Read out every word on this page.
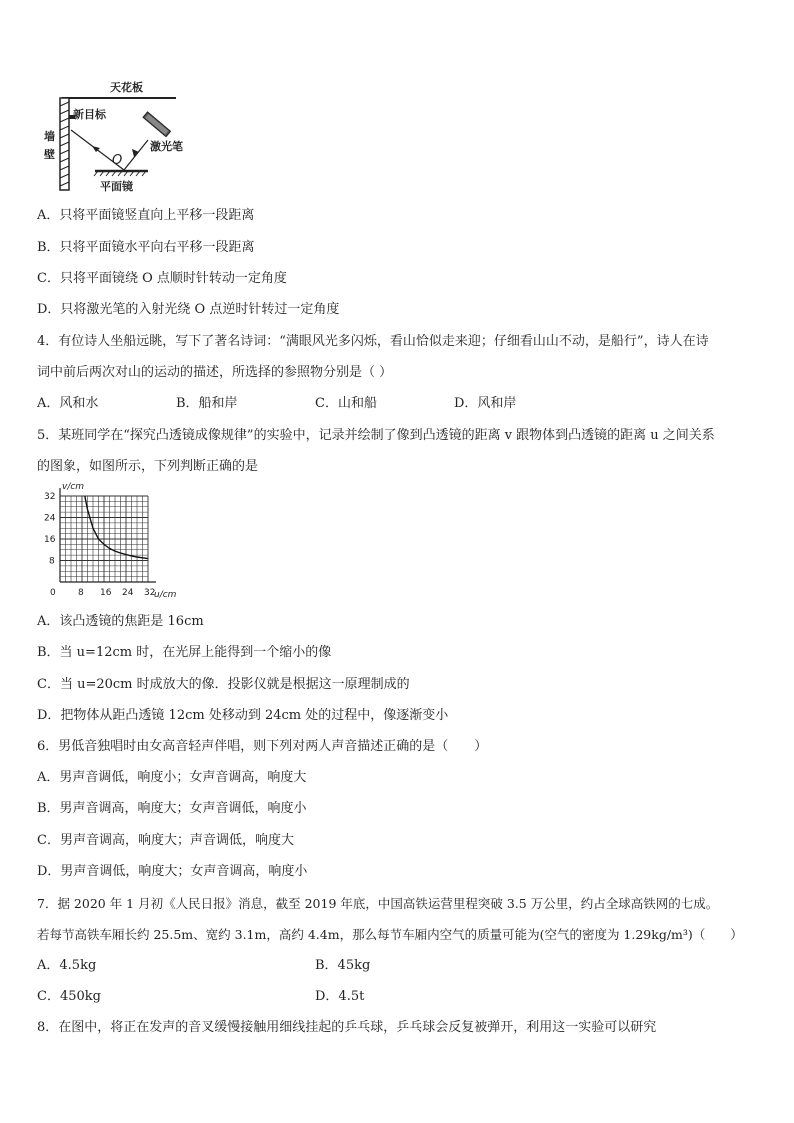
天花板
墙
壁
新目标
激光笔
O
平面镜
A．只将平面镜竖直向上平移一段距离
B．只将平面镜水平向右平移一段距离
C．只将平面镜绕 O 点顺时针转动一定角度
D．只将激光笔的入射光绕 O 点逆时针转过一定角度
4．有位诗人坐船远眺，写下了著名诗词：“满眼风光多闪烁，看山恰似走来迎；仔细看山山不动，是船行”，诗人在诗
词中前后两次对山的运动的描述，所选择的参照物分别是（ ）
A．风和水	B．船和岸	C．山和船	D．风和岸
5．某班同学在“探究凸透镜成像规律”的实验中，记录并绘制了像到凸透镜的距离 v 跟物体到凸透镜的距离 u 之间关系
的图象，如图所示，下列判断正确的是
0 8 16 24 32
32
24
16
8
v/cm
u/cm
A．该凸透镜的焦距是 16cm
B．当 u=12cm 时，在光屏上能得到一个缩小的像
C．当 u=20cm 时成放大的像．投影仪就是根据这一原理制成的
D．把物体从距凸透镜 12cm 处移动到 24cm 处的过程中，像逐渐变小
6．男低音独唱时由女高音轻声伴唱，则下列对两人声音描述正确的是（　　）
A．男声音调低，响度小；女声音调高，响度大
B．男声音调高，响度大；女声音调低，响度小
C．男声音调高，响度大；声音调低，响度大
D．男声音调低，响度大；女声音调高，响度小
7．据 2020 年 1 月初《人民日报》消息，截至 2019 年底，中国高铁运营里程突破 3.5 万公里，约占全球高铁网的七成。
若每节高铁车厢长约 25.5m、宽约 3.1m，高约 4.4m，那么每节车厢内空气的质量可能为(空气的密度为 1.29kg/m³)（　　）
A．4.5kg	B．45kg
C．450kg	D．4.5t
8．在图中，将正在发声的音叉缓慢接触用细线挂起的乒乓球，乒乓球会反复被弹开，利用这一实验可以研究
